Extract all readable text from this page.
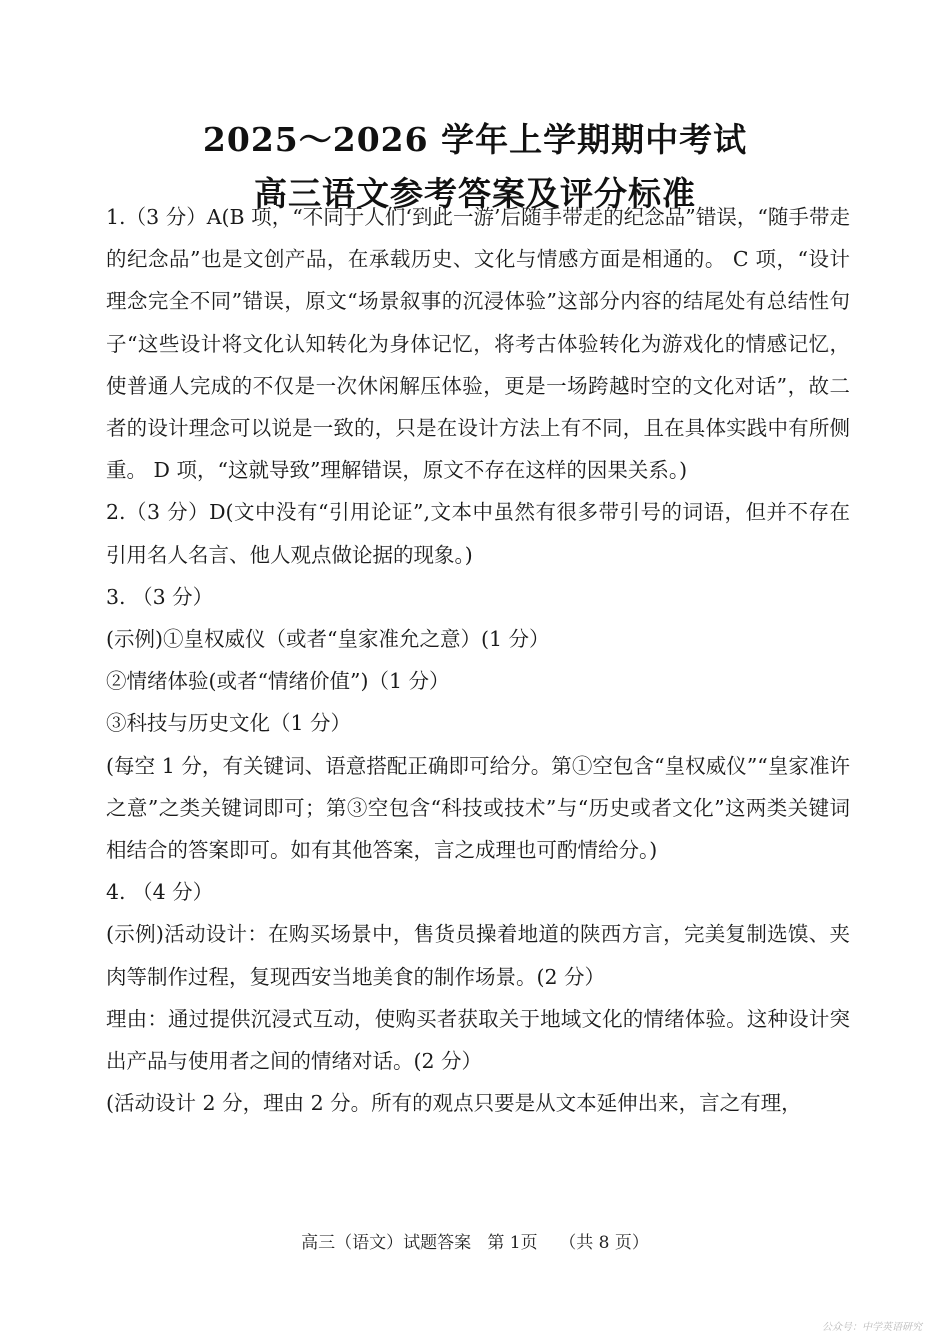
2025～2026 学年上学期期中考试
高三语文参考答案及评分标准

1.（3 分）A(B 项，“不同于人们‘到此一游’后随手带走的纪念品”错误，“随手带走的纪念品”也是文创产品，在承载历史、文化与情感方面是相通的。 C 项，“设计理念完全不同”错误，原文“场景叙事的沉浸体验”这部分内容的结尾处有总结性句子“这些设计将文化认知转化为身体记忆，将考古体验转化为游戏化的情感记忆，使普通人完成的不仅是一次休闲解压体验，更是一场跨越时空的文化对话”，故二者的设计理念可以说是一致的，只是在设计方法上有不同，且在具体实践中有所侧重。 D 项，“这就导致”理解错误，原文不存在这样的因果关系。)

2.（3 分）D(文中没有“引用论证”,文本中虽然有很多带引号的词语，但并不存在引用名人名言、他人观点做论据的现象。)

3. （3 分）

(示例)①皇权威仪（或者“皇家准允之意）(1 分）

②情绪体验(或者“情绪价值”)（1 分）

③科技与历史文化（1 分）

(每空 1 分，有关键词、语意搭配正确即可给分。第①空包含“皇权威仪”“皇家准许之意”之类关键词即可；第③空包含“科技或技术”与“历史或者文化”这两类关键词相结合的答案即可。如有其他答案，言之成理也可酌情给分。)

4. （4 分）

(示例)活动设计：在购买场景中，售货员操着地道的陕西方言，完美复制选馍、夹肉等制作过程，复现西安当地美食的制作场景。(2 分）

理由：通过提供沉浸式互动，使购买者获取关于地域文化的情绪体验。这种设计突出产品与使用者之间的情绪对话。(2 分）

(活动设计 2 分，理由 2 分。所有的观点只要是从文本延伸出来，言之有理，

高三（语文）试题答案   第 1页    （共 8 页）
公众号：中学英语研究
